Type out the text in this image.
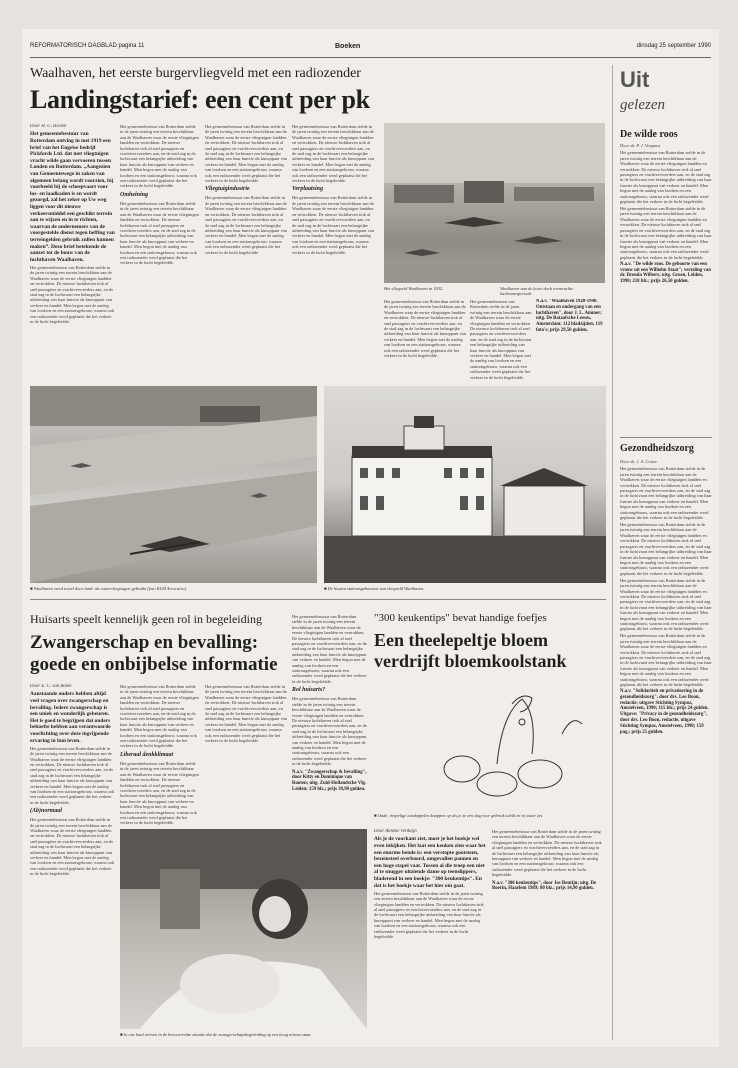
REFORMATORISCH DAGBLAD pagina 11	Boeken	dinsdag 25 september 1990
Waalhaven, het eerste burgervliegveld met een radiozender
Landingstarief: een cent per pk
Door H. G. Heslen

Het gemeentebestuur van Rotterdam ontving in mei 1919 een brief van het Engelse bedrijf Pickfords Ltd. dat met vliegtuigen vracht wilde gaan vervoeren tussen Londen en Rotterdam. „Aangezien van Gemeentewege in zaken van algemeen belang wordt voorzien, bij voorbeeld bij de scheepvaart voor los- en laadkaden is en wordt gezorgd, zal het zeker op Uw weg liggen voor dit nieuwe verkeersmiddel een geschikt terrein aan te wijzen en in te richten, waarvan de ondernemers van de voorgestelde dienst tegen heffing van terreingelden gebruik zullen kunnen maken”. Dezo brief betekende de aanzet tot de bouw van de luchthaven Waalhaven.

Het gemeentebestuur van Rotterdam stelde in de jaren twintig een terrein beschikbaar aan de Waalhaven waar de eerste vliegtuigen landden en vertrokken. De nieuwe luchthaven trok al snel passagiers en vrachtvervoerders aan, en de stad zag in de luchtvaart een belangrijke uitbreiding van haar functie als knooppunt van verkeer en handel. Men begon met de aanleg van loodsen en een stationsgebouw, waarna ook een radiozender werd geplaatst die het verkeer in de lucht begeleidde.

Het gemeentebestuur van Rotterdam stelde in de jaren twintig een terrein beschikbaar aan de Waalhaven waar de eerste vliegtuigen landden en vertrokken. De nieuwe luchthaven trok al snel passagiers en vrachtvervoerders aan, en de stad zag in de luchtvaart een belangrijke uitbreiding van haar functie als knooppunt van verkeer en handel. Men begon met de aanleg van loodsen en een stationsgebouw, waarna ook een radiozender werd geplaatst die het verkeer in de lucht begeleidde.

Omheining

Het gemeentebestuur van Rotterdam stelde in de jaren twintig een terrein beschikbaar aan de Waalhaven waar de eerste vliegtuigen landden en vertrokken. De nieuwe luchthaven trok al snel passagiers en vrachtvervoerders aan, en de stad zag in de luchtvaart een belangrijke uitbreiding van haar functie als knooppunt van verkeer en handel. Men begon met de aanleg van loodsen en een stationsgebouw, waarna ook een radiozender werd geplaatst die het verkeer in de lucht begeleidde.

Het gemeentebestuur van Rotterdam stelde in de jaren twintig een terrein beschikbaar aan de Waalhaven waar de eerste vliegtuigen landden en vertrokken. De nieuwe luchthaven trok al snel passagiers en vrachtvervoerders aan, en de stad zag in de luchtvaart een belangrijke uitbreiding van haar functie als knooppunt van verkeer en handel. Men begon met de aanleg van loodsen en een stationsgebouw, waarna ook een radiozender werd geplaatst die het verkeer in de lucht begeleidde.

Vliegtuigindustrie

Het gemeentebestuur van Rotterdam stelde in de jaren twintig een terrein beschikbaar aan de Waalhaven waar de eerste vliegtuigen landden en vertrokken. De nieuwe luchthaven trok al snel passagiers en vrachtvervoerders aan, en de stad zag in de luchtvaart een belangrijke uitbreiding van haar functie als knooppunt van verkeer en handel. Men begon met de aanleg van loodsen en een stationsgebouw, waarna ook een radiozender werd geplaatst die het verkeer in de lucht begeleidde.

Het gemeentebestuur van Rotterdam stelde in de jaren twintig een terrein beschikbaar aan de Waalhaven waar de eerste vliegtuigen landden en vertrokken. De nieuwe luchthaven trok al snel passagiers en vrachtvervoerders aan, en de stad zag in de luchtvaart een belangrijke uitbreiding van haar functie als knooppunt van verkeer en handel. Men begon met de aanleg van loodsen en een stationsgebouw, waarna ook een radiozender werd geplaatst die het verkeer in de lucht begeleidde.

Verplaatsing

Het gemeentebestuur van Rotterdam stelde in de jaren twintig een terrein beschikbaar aan de Waalhaven waar de eerste vliegtuigen landden en vertrokken. De nieuwe luchthaven trok al snel passagiers en vrachtvervoerders aan, en de stad zag in de luchtvaart een belangrijke uitbreiding van haar functie als knooppunt van verkeer en handel. Men begon met de aanleg van loodsen en een stationsgebouw, waarna ook een radiozender werd geplaatst die het verkeer in de lucht begeleidde.

Het vliegveld Waalhaven in 1932.	Waalhaven aan de korte doch roemruchte luchtvaartperiode.

Het gemeentebestuur van Rotterdam stelde in de jaren twintig een terrein beschikbaar aan de Waalhaven waar de eerste vliegtuigen landden en vertrokken. De nieuwe luchthaven trok al snel passagiers en vrachtvervoerders aan, en de stad zag in de luchtvaart een belangrijke uitbreiding van haar functie als knooppunt van verkeer en handel. Men begon met de aanleg van loodsen en een stationsgebouw, waarna ook een radiozender werd geplaatst die het verkeer in de lucht begeleidde.

Het gemeentebestuur van Rotterdam stelde in de jaren twintig een terrein beschikbaar aan de Waalhaven waar de eerste vliegtuigen landden en vertrokken. De nieuwe luchthaven trok al snel passagiers en vrachtvervoerders aan, en de stad zag in de luchtvaart een belangrijke uitbreiding van haar functie als knooppunt van verkeer en handel. Men begon met de aanleg van loodsen en een stationsgebouw, waarna ook een radiozender werd geplaatst die het verkeer in de lucht begeleidde.

N.a.v. "Waalhaven 1920-1940. Ontstaan en ondergang van een luchthaven", door J. L. Ammer; uitg. De Bataafsche Leeuw, Amsterdam; 112 bladzijden; 119 foto's; prijs 29,50 gulden.
■ Waalhaven werd zowel door land- als watervliegtuigen gebruikt (foto KLM Aerocarto).	■ De houten stationsgebouwen van vliegveld Waalhaven.
Huisarts speelt kennelijk geen rol in begeleiding
Zwangerschap en bevalling:
goede en onbijbelse informatie
Door E. C. van Balen

Aanstaande ouders hebben altijd veel vragen over zwangerschap en bevalling. Iedere zwangerschap is een uniek en wonderlijk gebeuren. Het is goed te begrijpen dat ouders behoefte hebben aan verantwoorde voorlichting over deze ingrijpende ervaring in hun leven.

Het gemeentebestuur van Rotterdam stelde in de jaren twintig een terrein beschikbaar aan de Waalhaven waar de eerste vliegtuigen landden en vertrokken. De nieuwe luchthaven trok al snel passagiers en vrachtvervoerders aan, en de stad zag in de luchtvaart een belangrijke uitbreiding van haar functie als knooppunt van verkeer en handel. Men begon met de aanleg van loodsen en een stationsgebouw, waarna ook een radiozender werd geplaatst die het verkeer in de lucht begeleidde.

(Ab)normaal

Het gemeentebestuur van Rotterdam stelde in de jaren twintig een terrein beschikbaar aan de Waalhaven waar de eerste vliegtuigen landden en vertrokken. De nieuwe luchthaven trok al snel passagiers en vrachtvervoerders aan, en de stad zag in de luchtvaart een belangrijke uitbreiding van haar functie als knooppunt van verkeer en handel. Men begon met de aanleg van loodsen en een stationsgebouw, waarna ook een radiozender werd geplaatst die het verkeer in de lucht begeleidde.

Het gemeentebestuur van Rotterdam stelde in de jaren twintig een terrein beschikbaar aan de Waalhaven waar de eerste vliegtuigen landden en vertrokken. De nieuwe luchthaven trok al snel passagiers en vrachtvervoerders aan, en de stad zag in de luchtvaart een belangrijke uitbreiding van haar functie als knooppunt van verkeer en handel. Men begon met de aanleg van loodsen en een stationsgebouw, waarna ook een radiozender werd geplaatst die het verkeer in de lucht begeleidde.

Liberaal denkklimaat

Het gemeentebestuur van Rotterdam stelde in de jaren twintig een terrein beschikbaar aan de Waalhaven waar de eerste vliegtuigen landden en vertrokken. De nieuwe luchthaven trok al snel passagiers en vrachtvervoerders aan, en de stad zag in de luchtvaart een belangrijke uitbreiding van haar functie als knooppunt van verkeer en handel. Men begon met de aanleg van loodsen en een stationsgebouw, waarna ook een radiozender werd geplaatst die het verkeer in de lucht begeleidde.

Het gemeentebestuur van Rotterdam stelde in de jaren twintig een terrein beschikbaar aan de Waalhaven waar de eerste vliegtuigen landden en vertrokken. De nieuwe luchthaven trok al snel passagiers en vrachtvervoerders aan, en de stad zag in de luchtvaart een belangrijke uitbreiding van haar functie als knooppunt van verkeer en handel. Men begon met de aanleg van loodsen en een stationsgebouw, waarna ook een radiozender werd geplaatst die het verkeer in de lucht begeleidde.

Het gemeentebestuur van Rotterdam stelde in de jaren twintig een terrein beschikbaar aan de Waalhaven waar de eerste vliegtuigen landden en vertrokken. De nieuwe luchthaven trok al snel passagiers en vrachtvervoerders aan, en de stad zag in de luchtvaart een belangrijke uitbreiding van haar functie als knooppunt van verkeer en handel. Men begon met de aanleg van loodsen en een stationsgebouw, waarna ook een radiozender werd geplaatst die het verkeer in de lucht begeleidde.

Rol huisarts?

Het gemeentebestuur van Rotterdam stelde in de jaren twintig een terrein beschikbaar aan de Waalhaven waar de eerste vliegtuigen landden en vertrokken. De nieuwe luchthaven trok al snel passagiers en vrachtvervoerders aan, en de stad zag in de luchtvaart een belangrijke uitbreiding van haar functie als knooppunt van verkeer en handel. Men begon met de aanleg van loodsen en een stationsgebouw, waarna ook een radiozender werd geplaatst die het verkeer in de lucht begeleidde.

N.a.v. "Zwangerschap & bevalling", door Kitty en Dominique van Rooten; uitg. Zuid-Hollandsche Vlg. Leiden; 159 blz.; prijs 39,90 gulden.

■ In ons land werven in de bevoorrechte situatie dat de zwangerschapsbegeleiding op een hoog niveau staat.
"300 keukentips" bevat handige foefjes
Een theelepeltje bloem
verdrijft bloemkoolstank
■ Oude, rimpelige aardappelen knappen op als je ze een dag voor gebruik schilt en in water zet.
Door Anneke Verduijn

Als je de voorkant ziet, moet je het boekje wel even inkijken. Het laat een keuken zien waar het een enorme bende is: een verstopte gootsteen, bezemsteel overboord, omgevallen pannen en een hoge stapel vaat. Tussen al die troep een niet al te snugger uitziende dame op teenslippers, bladerend in een boekje: "300 keukentips". En dat is het boekje waar het hier om gaat.

Het gemeentebestuur van Rotterdam stelde in de jaren twintig een terrein beschikbaar aan de Waalhaven waar de eerste vliegtuigen landden en vertrokken. De nieuwe luchthaven trok al snel passagiers en vrachtvervoerders aan, en de stad zag in de luchtvaart een belangrijke uitbreiding van haar functie als knooppunt van verkeer en handel. Men begon met de aanleg van loodsen en een stationsgebouw, waarna ook een radiozender werd geplaatst die het verkeer in de lucht begeleidde.

Het gemeentebestuur van Rotterdam stelde in de jaren twintig een terrein beschikbaar aan de Waalhaven waar de eerste vliegtuigen landden en vertrokken. De nieuwe luchthaven trok al snel passagiers en vrachtvervoerders aan, en de stad zag in de luchtvaart een belangrijke uitbreiding van haar functie als knooppunt van verkeer en handel. Men begon met de aanleg van loodsen en een stationsgebouw, waarna ook een radiozender werd geplaatst die het verkeer in de lucht begeleidde.

N.a.v. "300 keukentips", door Jos Boutijn; uitg. De Boerin, Haarlem 1989; 80 blz.; prijs 14,90 gulden.

Uit
gelezen
De wilde roos
Door ds. P. J. Vergunst

Het gemeentebestuur van Rotterdam stelde in de jaren twintig een terrein beschikbaar aan de Waalhaven waar de eerste vliegtuigen landden en vertrokken. De nieuwe luchthaven trok al snel passagiers en vrachtvervoerders aan, en de stad zag in de luchtvaart een belangrijke uitbreiding van haar functie als knooppunt van verkeer en handel. Men begon met de aanleg van loodsen en een stationsgebouw, waarna ook een radiozender werd geplaatst die het verkeer in de lucht begeleidde.

Het gemeentebestuur van Rotterdam stelde in de jaren twintig een terrein beschikbaar aan de Waalhaven waar de eerste vliegtuigen landden en vertrokken. De nieuwe luchthaven trok al snel passagiers en vrachtvervoerders aan, en de stad zag in de luchtvaart een belangrijke uitbreiding van haar functie als knooppunt van verkeer en handel. Men begon met de aanleg van loodsen en een stationsgebouw, waarna ook een radiozender werd geplaatst die het verkeer in de lucht begeleidde.

N.a.v. "De wilde roos. De geboorte van een vrouw uit een Wilhelm Staat"; vertaling van dr. Brenda Wilbers; uitg. Groen, Leiden, 1990; 218 blz.; prijs 26,50 gulden.

Gezondheidszorg
Door ds. J. A. Coster

Het gemeentebestuur van Rotterdam stelde in de jaren twintig een terrein beschikbaar aan de Waalhaven waar de eerste vliegtuigen landden en vertrokken. De nieuwe luchthaven trok al snel passagiers en vrachtvervoerders aan, en de stad zag in de luchtvaart een belangrijke uitbreiding van haar functie als knooppunt van verkeer en handel. Men begon met de aanleg van loodsen en een stationsgebouw, waarna ook een radiozender werd geplaatst die het verkeer in de lucht begeleidde.

Het gemeentebestuur van Rotterdam stelde in de jaren twintig een terrein beschikbaar aan de Waalhaven waar de eerste vliegtuigen landden en vertrokken. De nieuwe luchthaven trok al snel passagiers en vrachtvervoerders aan, en de stad zag in de luchtvaart een belangrijke uitbreiding van haar functie als knooppunt van verkeer en handel. Men begon met de aanleg van loodsen en een stationsgebouw, waarna ook een radiozender werd geplaatst die het verkeer in de lucht begeleidde.

Het gemeentebestuur van Rotterdam stelde in de jaren twintig een terrein beschikbaar aan de Waalhaven waar de eerste vliegtuigen landden en vertrokken. De nieuwe luchthaven trok al snel passagiers en vrachtvervoerders aan, en de stad zag in de luchtvaart een belangrijke uitbreiding van haar functie als knooppunt van verkeer en handel. Men begon met de aanleg van loodsen en een stationsgebouw, waarna ook een radiozender werd geplaatst die het verkeer in de lucht begeleidde.

Het gemeentebestuur van Rotterdam stelde in de jaren twintig een terrein beschikbaar aan de Waalhaven waar de eerste vliegtuigen landden en vertrokken. De nieuwe luchthaven trok al snel passagiers en vrachtvervoerders aan, en de stad zag in de luchtvaart een belangrijke uitbreiding van haar functie als knooppunt van verkeer en handel. Men begon met de aanleg van loodsen en een stationsgebouw, waarna ook een radiozender werd geplaatst die het verkeer in de lucht begeleidde.

N.a.v. "Solidariteit en privatisering in de gezondheidszorg", door drs. Leo Boon, redactie; uitgave Stichting Sympoz, Amstelveen, 1990; 115 blz.; prijs 24 gulden. Uitgave: "Privacy in de gezondheidszorg", door drs. Leo Boon, redactie, uitgave Stichting Sympoz, Amstelveen, 1990; 159 pag.; prijs 25 gulden.
